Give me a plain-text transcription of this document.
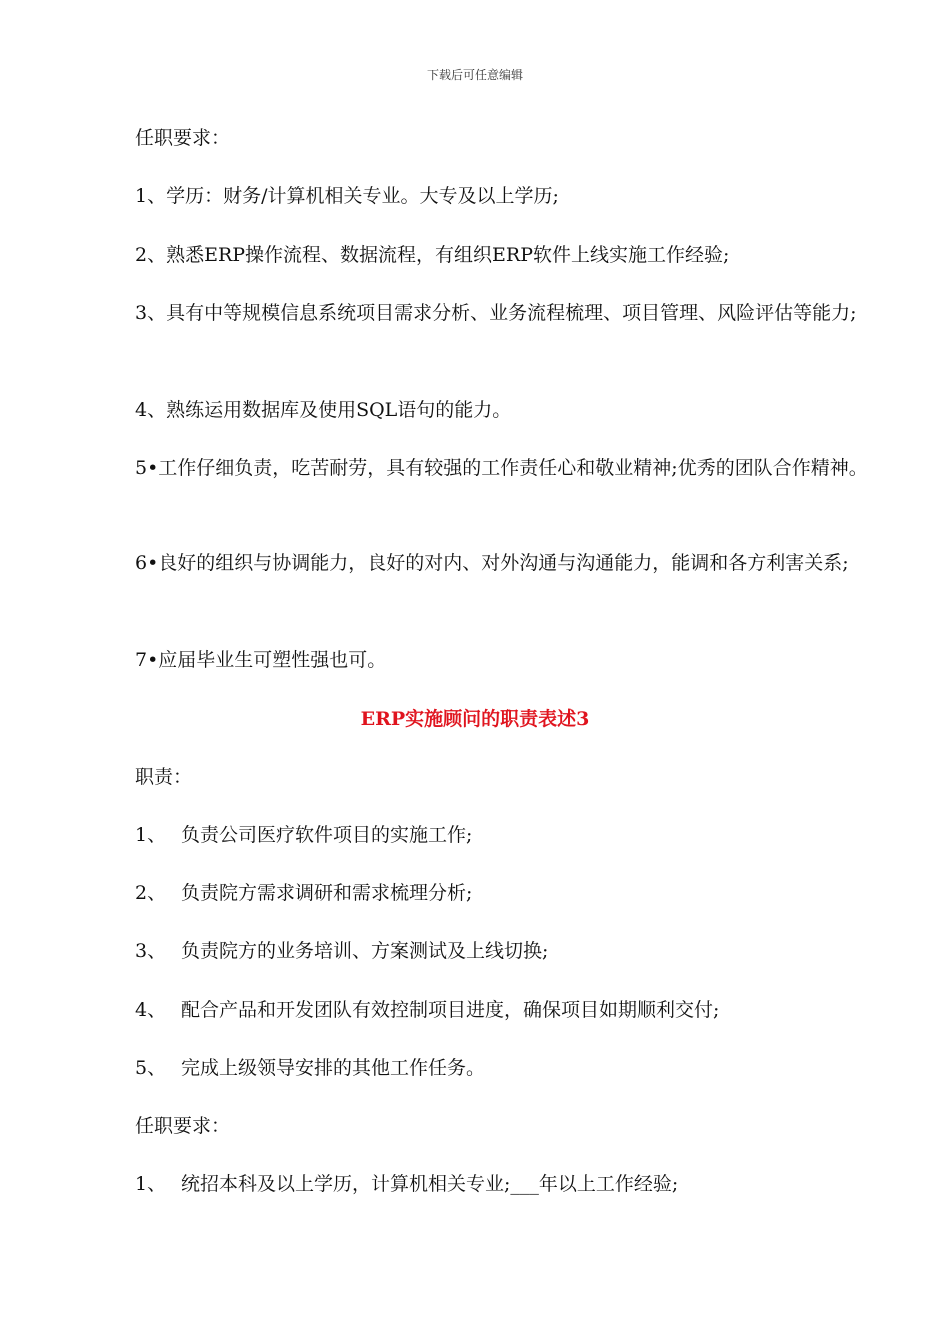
下载后可任意编辑
任职要求：
1、学历：财务/计算机相关专业。大专及以上学历;
2、熟悉ERP操作流程、数据流程，有组织ERP软件上线实施工作经验;
3、具有中等规模信息系统项目需求分析、业务流程梳理、项目管理、风险评估等能力;
4、熟练运用数据库及使用SQL语句的能力。
5•工作仔细负责，吃苦耐劳，具有较强的工作责任心和敬业精神;优秀的团队合作精神。
6•良好的组织与协调能力，良好的对内、对外沟通与沟通能力，能调和各方利害关系;
7•应届毕业生可塑性强也可。
ERP实施顾问的职责表述3
职责：
1、 负责公司医疗软件项目的实施工作;
2、 负责院方需求调研和需求梳理分析;
3、 负责院方的业务培训、方案测试及上线切换;
4、 配合产品和开发团队有效控制项目进度，确保项目如期顺利交付;
5、 完成上级领导安排的其他工作任务。
任职要求：
1、 统招本科及以上学历，计算机相关专业;___年以上工作经验;
